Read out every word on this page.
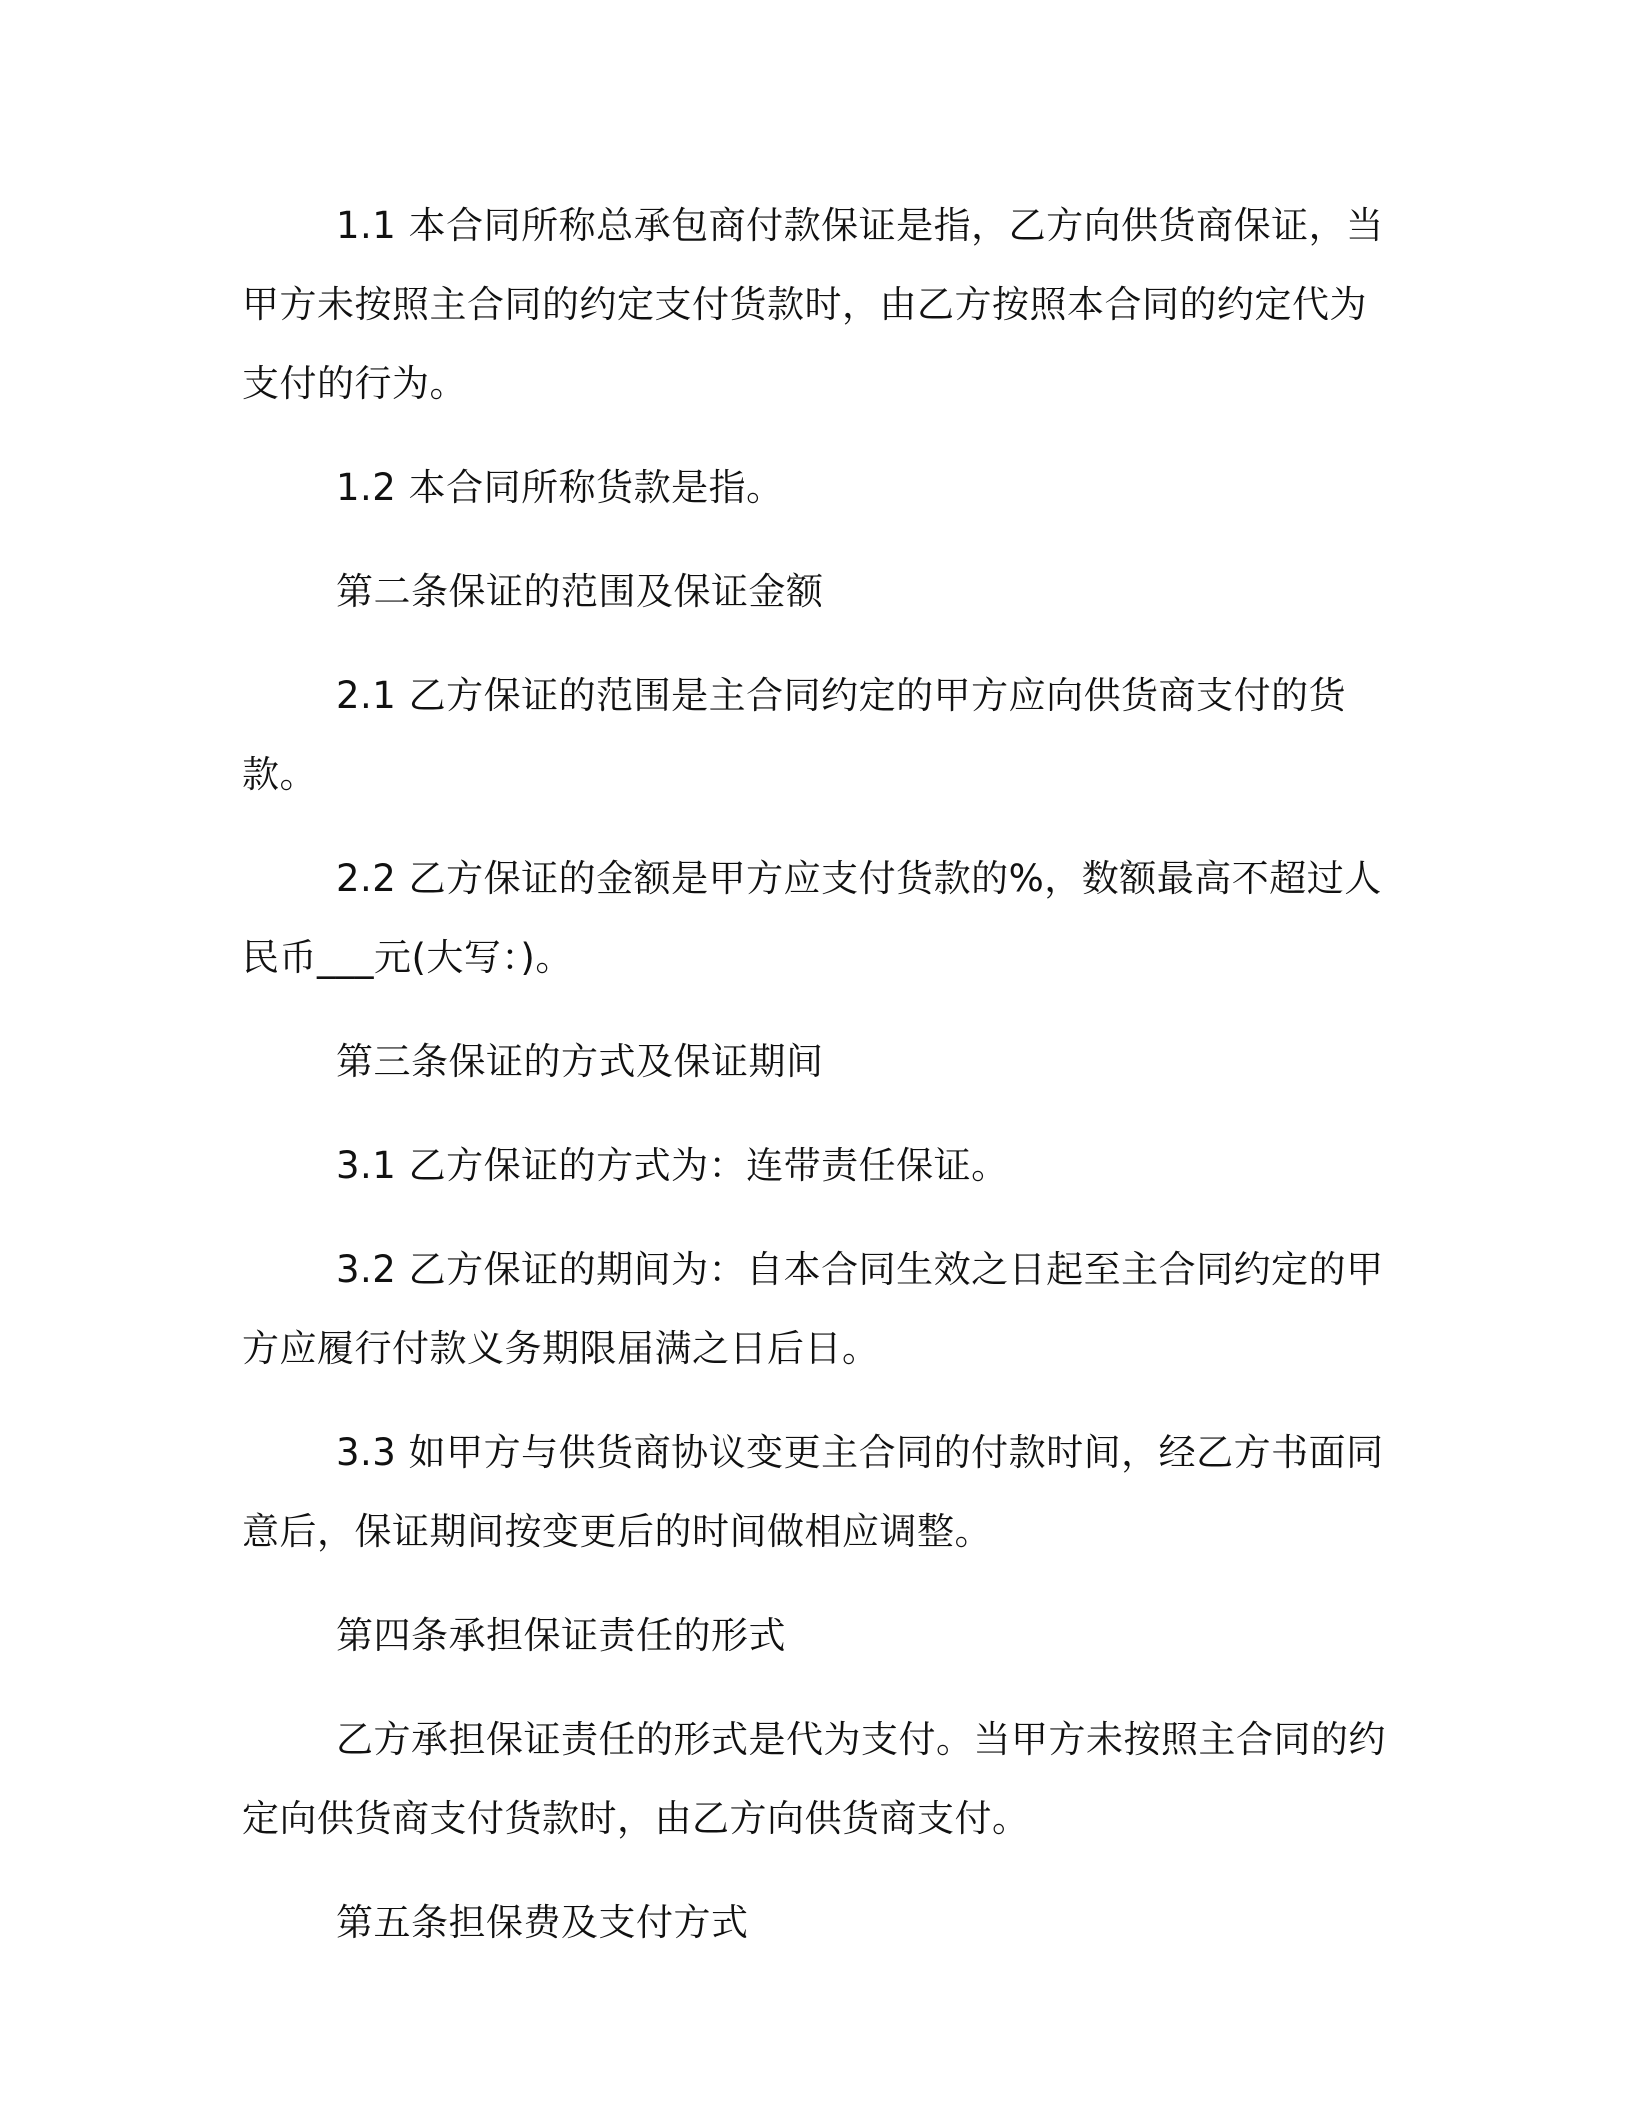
1.1 本合同所称总承包商付款保证是指，乙方向供货商保证，当甲方未按照主合同的约定支付货款时，由乙方按照本合同的约定代为支付的行为。

1.2 本合同所称货款是指。

第二条保证的范围及保证金额

2.1 乙方保证的范围是主合同约定的甲方应向供货商支付的货款。

2.2 乙方保证的金额是甲方应支付货款的%，数额最高不超过人民币___元(大写：)。

第三条保证的方式及保证期间

3.1 乙方保证的方式为：连带责任保证。

3.2 乙方保证的期间为：自本合同生效之日起至主合同约定的甲方应履行付款义务期限届满之日后日。

3.3 如甲方与供货商协议变更主合同的付款时间，经乙方书面同意后，保证期间按变更后的时间做相应调整。

第四条承担保证责任的形式

乙方承担保证责任的形式是代为支付。当甲方未按照主合同的约定向供货商支付货款时，由乙方向供货商支付。

第五条担保费及支付方式
